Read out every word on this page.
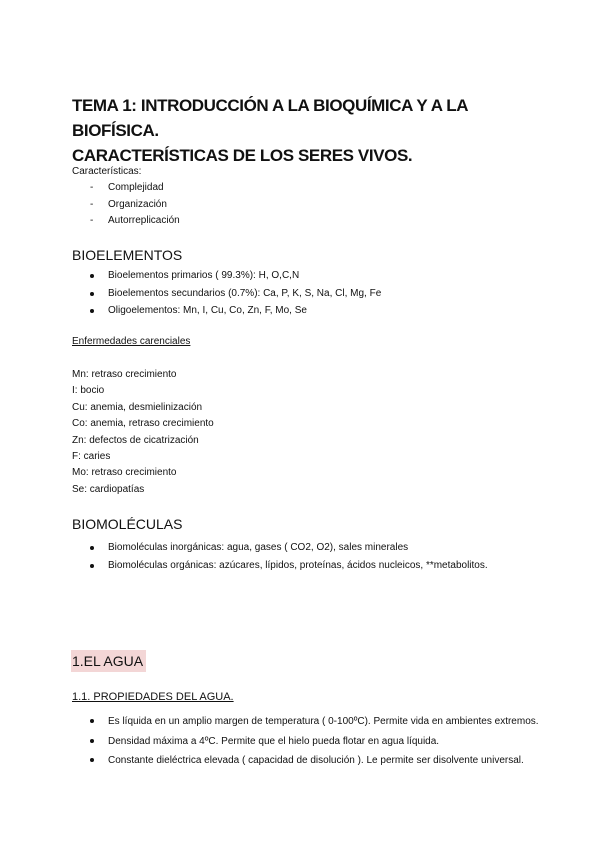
TEMA 1: INTRODUCCIÓN A LA BIOQUÍMICA Y A LA BIOFÍSICA.
CARACTERÍSTICAS DE LOS SERES VIVOS.
Características:
- Complejidad
- Organización
- Autorreplicación
BIOELEMENTOS
Bioelementos primarios ( 99.3%): H, O,C,N
Bioelementos secundarios (0.7%): Ca, P, K, S, Na, Cl, Mg, Fe
Oligoelementos: Mn, I, Cu, Co, Zn, F, Mo, Se
Enfermedades carenciales
Mn: retraso crecimiento
I: bocio
Cu: anemia, desmielinización
Co: anemia, retraso crecimiento
Zn: defectos de cicatrización
F: caries
Mo: retraso crecimiento
Se: cardiopatías
BIOMOLÉCULAS
Biomoléculas inorgánicas: agua, gases ( CO2, O2), sales minerales
Biomoléculas orgánicas: azúcares, lípidos, proteínas, ácidos nucleicos, **metabolitos.
1.EL AGUA
1.1. PROPIEDADES DEL AGUA.
Es líquida en un amplio margen de temperatura ( 0-100ºC). Permite vida en ambientes extremos.
Densidad máxima a 4ºC. Permite que el hielo pueda flotar en agua líquida.
Constante dieléctrica elevada ( capacidad de disolución ). Le permite ser disolvente universal.
